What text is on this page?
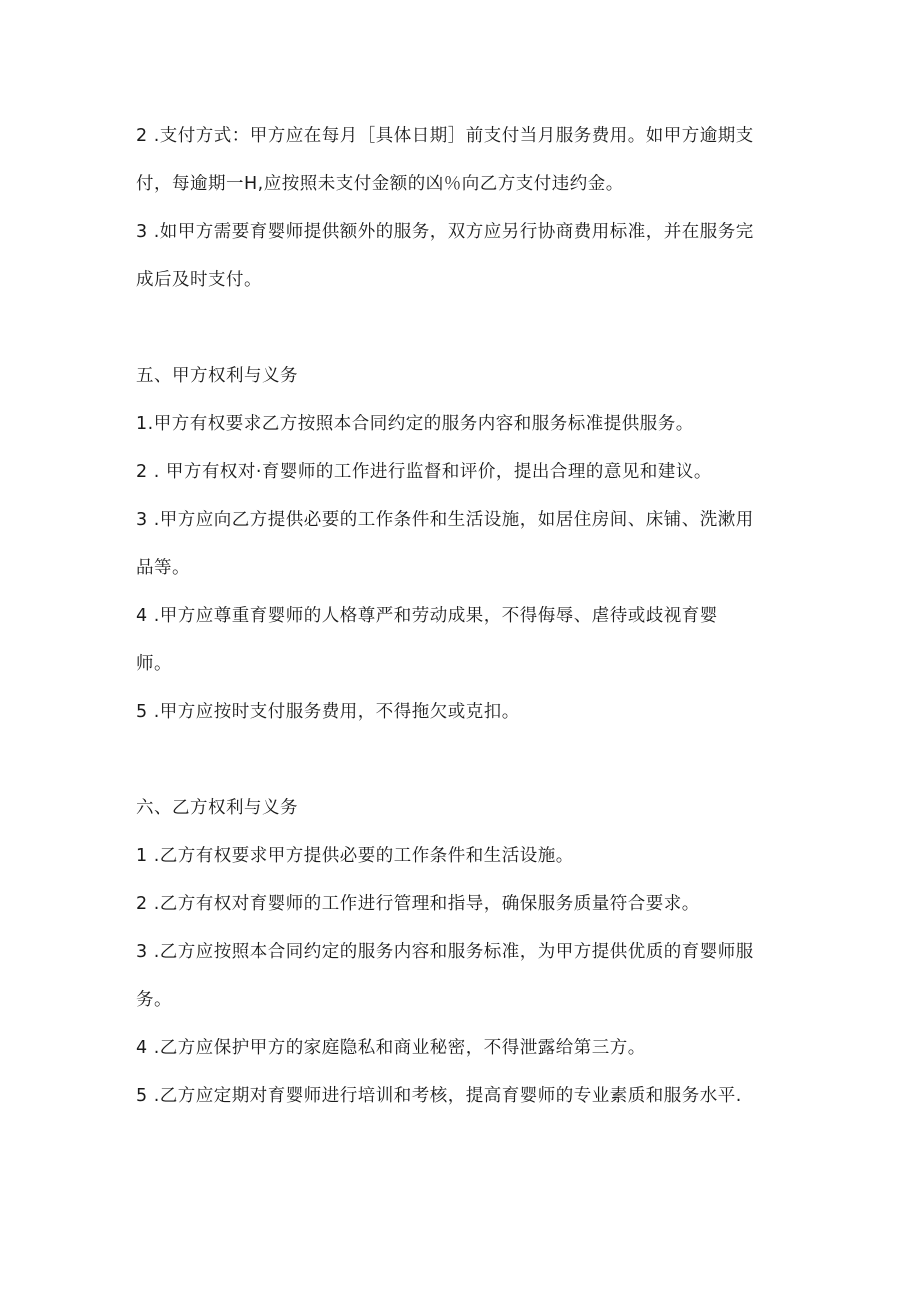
2 .支付方式：甲方应在每月［具体日期］前支付当月服务费用。如甲方逾期支
付，每逾期一H,应按照未支付金额的凶％向乙方支付违约金。
3 .如甲方需要育婴师提供额外的服务，双方应另行协商费用标准，并在服务完
成后及时支付。
五、甲方权利与义务
1.甲方有权要求乙方按照本合同约定的服务内容和服务标准提供服务。
2 . 甲方有权对·育婴师的工作进行监督和评价，提出合理的意见和建议。
3 .甲方应向乙方提供必要的工作条件和生活设施，如居住房间、床铺、洗漱用
品等。
4 .甲方应尊重育婴师的人格尊严和劳动成果，不得侮辱、虐待或歧视育婴
师。
5 .甲方应按时支付服务费用，不得拖欠或克扣。
六、乙方权利与义务
1 .乙方有权要求甲方提供必要的工作条件和生活设施。
2 .乙方有权对育婴师的工作进行管理和指导，确保服务质量符合要求。
3 .乙方应按照本合同约定的服务内容和服务标准，为甲方提供优质的育婴师服
务。
4 .乙方应保护甲方的家庭隐私和商业秘密，不得泄露给第三方。
5 .乙方应定期对育婴师进行培训和考核，提高育婴师的专业素质和服务水平.
